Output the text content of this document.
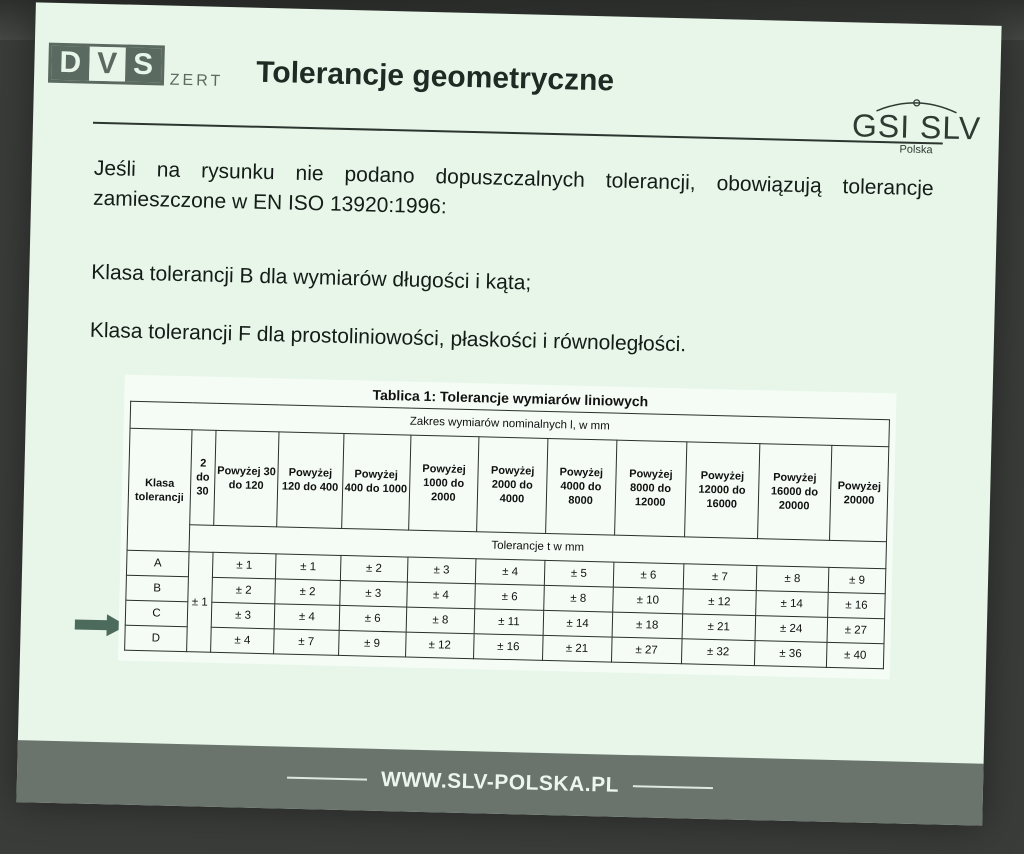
D V S	ZERT Tolerancje geometryczne
GSI SLV
Polska
Jeśli na rysunku nie podano dopuszczalnych tolerancji, obowiązują tolerancje zamieszczone w EN ISO 13920:1996:
Klasa tolerancji B dla wymiarów długości i kąta;
Klasa tolerancji F dla prostoliniowości, płaskości i równoległości.
Tablica 1: Tolerancje wymiarów liniowych
Zakres wymiarów nominalnych l, w mm											
Klasa tolerancji	2 do 30	Powyżej 30 do 120	Powyżej 120 do 400	Powyżej 400 do 1000	Powyżej 1000 do 2000	Powyżej 2000 do 4000	Powyżej 4000 do 8000	Powyżej 8000 do 12000	Powyżej 12000 do 16000	Powyżej 16000 do 20000	Powyżej 20000
	Tolerancje t w mm										
A	± 1	± 1	± 1	± 2	± 3	± 4	± 5	± 6	± 7	± 8	± 9
B		± 2	± 2	± 3	± 4	± 6	± 8	± 10	± 12	± 14	± 16
C		± 3	± 4	± 6	± 8	± 11	± 14	± 18	± 21	± 24	± 27
D		± 4	± 7	± 9	± 12	± 16	± 21	± 27	± 32	± 36	± 40
WWW.SLV-POLSKA.PL
